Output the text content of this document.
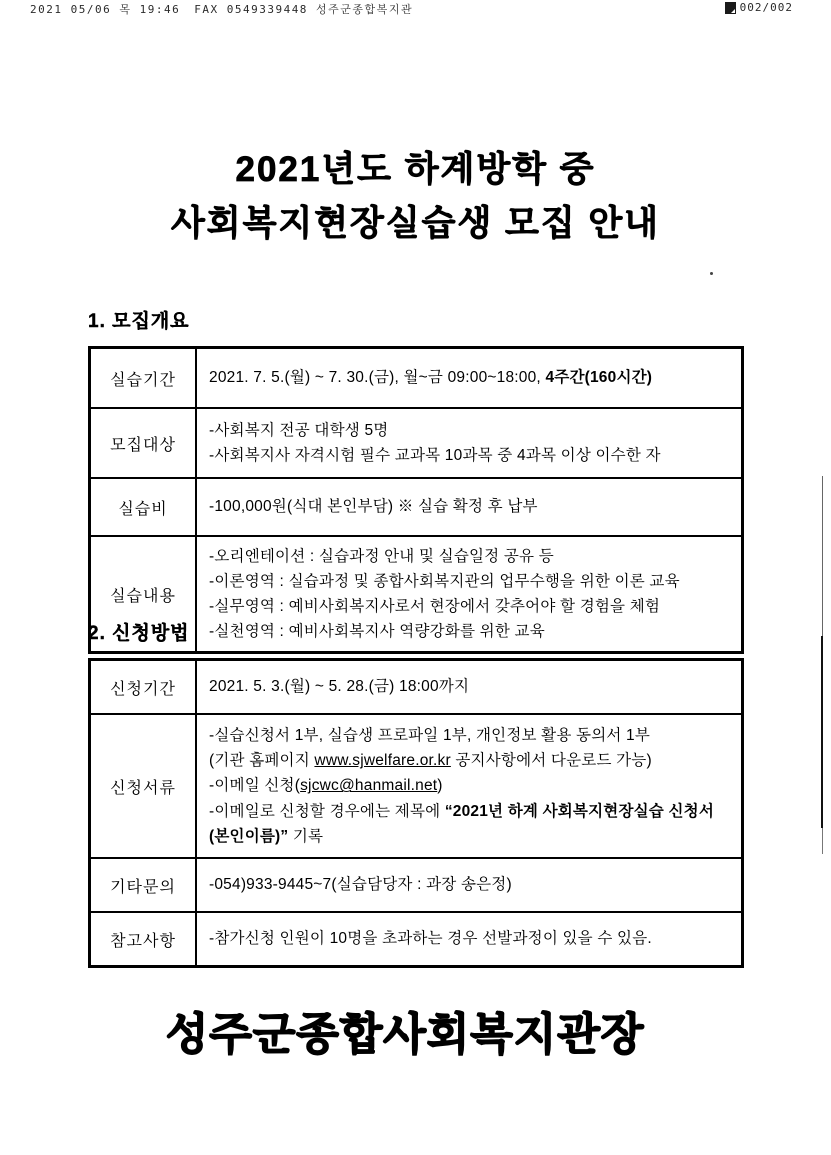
2021 05/06 목 19:46 FAX 0549339448 성주군종합복지관	002/002
2021년도 하계방학 중
사회복지현장실습생 모집 안내
1. 모집개요
실습기간	2021. 7. 5.(월) ~ 7. 30.(금), 월~금 09:00~18:00, 4주간(160시간)
모집대상	-사회복지 전공 대학생 5명
-사회복지사 자격시험 필수 교과목 10과목 중 4과목 이상 이수한 자

실습비	-100,000원(식대 본인부담) ※ 실습 확정 후 납부

실습내용	-오리엔테이션 : 실습과정 안내 및 실습일정 공유 등
-이론영역 : 실습과정 및 종합사회복지관의 업무수행을 위한 이론 교육
-실무영역 : 예비사회복지사로서 현장에서 갖추어야 할 경험을 체험
-실천영역 : 예비사회복지사 역량강화를 위한 교육
2. 신청방법
신청기간	2021. 5. 3.(월) ~ 5. 28.(금) 18:00까지

신청서류	-실습신청서 1부, 실습생 프로파일 1부, 개인정보 활용 동의서 1부
(기관 홈페이지 www.sjwelfare.or.kr 공지사항에서 다운로드 가능)
-이메일 신청(sjcwc@hanmail.net)
-이메일로 신청할 경우에는 제목에 “2021년 하계 사회복지현장실습 신청서(본인이름)” 기록

기타문의	-054)933-9445~7(실습담당자 : 과장 송은정)

참고사항	-참가신청 인원이 10명을 초과하는 경우 선발과정이 있을 수 있음.
성주군종합사회복지관장
